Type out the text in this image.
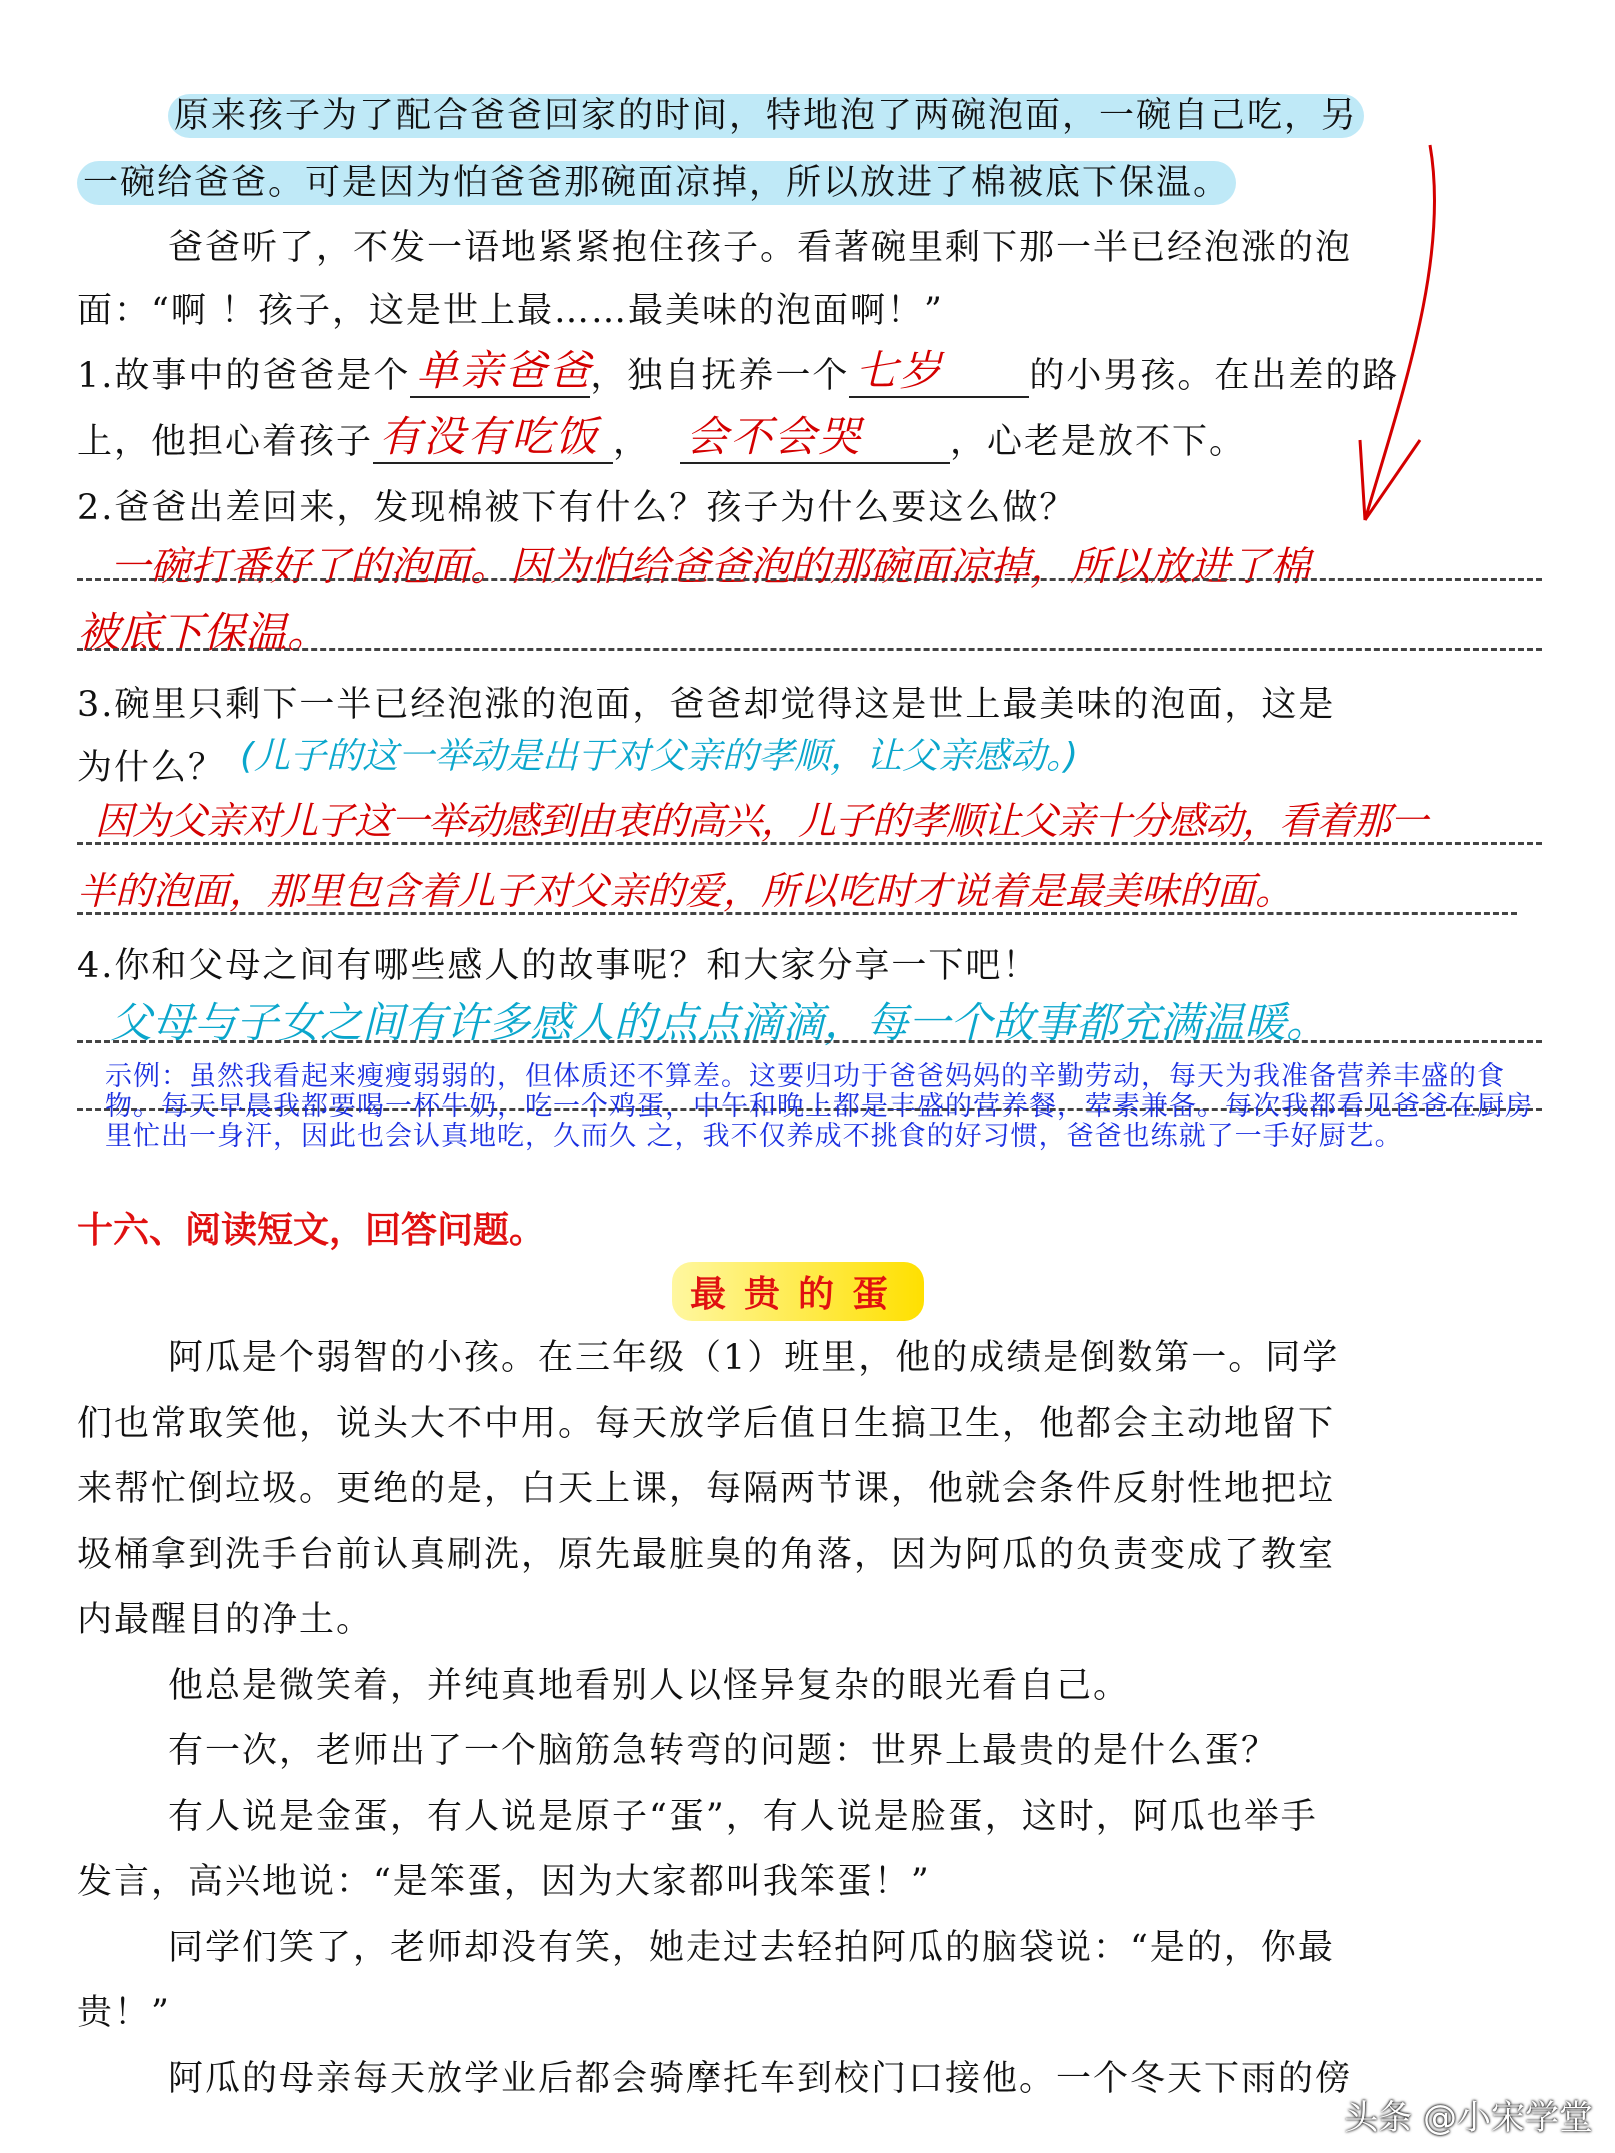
原来孩子为了配合爸爸回家的时间，特地泡了两碗泡面，一碗自己吃，另
一碗给爸爸。可是因为怕爸爸那碗面凉掉，所以放进了棉被底下保温。
爸爸听了，不发一语地紧紧抱住孩子。看著碗里剩下那一半已经泡涨的泡
面：“啊 ！孩子，这是世上最……最美味的泡面啊！”
1.故事中的爸爸是个 单亲爸爸
，独自抚养一个 七岁 的小男孩。在出差的路
上，他担心着孩子 有没有吃饭 ， 会不会哭	，心老是放不下。
2.爸爸出差回来，发现棉被下有什么？孩子为什么要这么做？
一碗打番好了的泡面。因为怕给爸爸泡的那碗面凉掉，所以放进了棉
被底下保温。
3.碗里只剩下一半已经泡涨的泡面，爸爸却觉得这是世上最美味的泡面，这是
为什么？ (儿子的这一举动是出于对父亲的孝顺，让父亲感动。)
因为父亲对儿子这一举动感到由衷的高兴，儿子的孝顺让父亲十分感动，看着那一
半的泡面，那里包含着儿子对父亲的爱，所以吃时才说着是最美味的面。
4.你和父母之间有哪些感人的故事呢？和大家分享一下吧！
父母与子女之间有许多感人的点点滴滴，每一个故事都充满温暖。
示例：虽然我看起来瘦瘦弱弱的，但体质还不算差。这要归功于爸爸妈妈的辛勤劳动，每天为我准备营养丰盛的食物。每天早晨我都要喝一杯牛奶，吃一个鸡蛋，中午和晚上都是丰盛的营养餐，荤素兼备。每次我都看见爸爸在厨房里忙出一身汗，因此也会认真地吃，久而久 之，我不仅养成不挑食的好习惯，爸爸也练就了一手好厨艺。
十六、阅读短文，回答问题。
最贵的蛋
阿瓜是个弱智的小孩。在三年级（1）班里，他的成绩是倒数第一。同学
们也常取笑他，说头大不中用。每天放学后值日生搞卫生，他都会主动地留下
来帮忙倒垃圾。更绝的是，白天上课，每隔两节课，他就会条件反射性地把垃
圾桶拿到洗手台前认真刷洗，原先最脏臭的角落，因为阿瓜的负责变成了教室
内最醒目的净土。
他总是微笑着，并纯真地看别人以怪异复杂的眼光看自己。
有一次，老师出了一个脑筋急转弯的问题：世界上最贵的是什么蛋？
有人说是金蛋，有人说是原子“蛋”，有人说是脸蛋，这时，阿瓜也举手
发言，高兴地说：“是笨蛋，因为大家都叫我笨蛋！”
同学们笑了，老师却没有笑，她走过去轻拍阿瓜的脑袋说：“是的，你最
贵！”
阿瓜的母亲每天放学业后都会骑摩托车到校门口接他。一个冬天下雨的傍
头条 @小宋学堂
